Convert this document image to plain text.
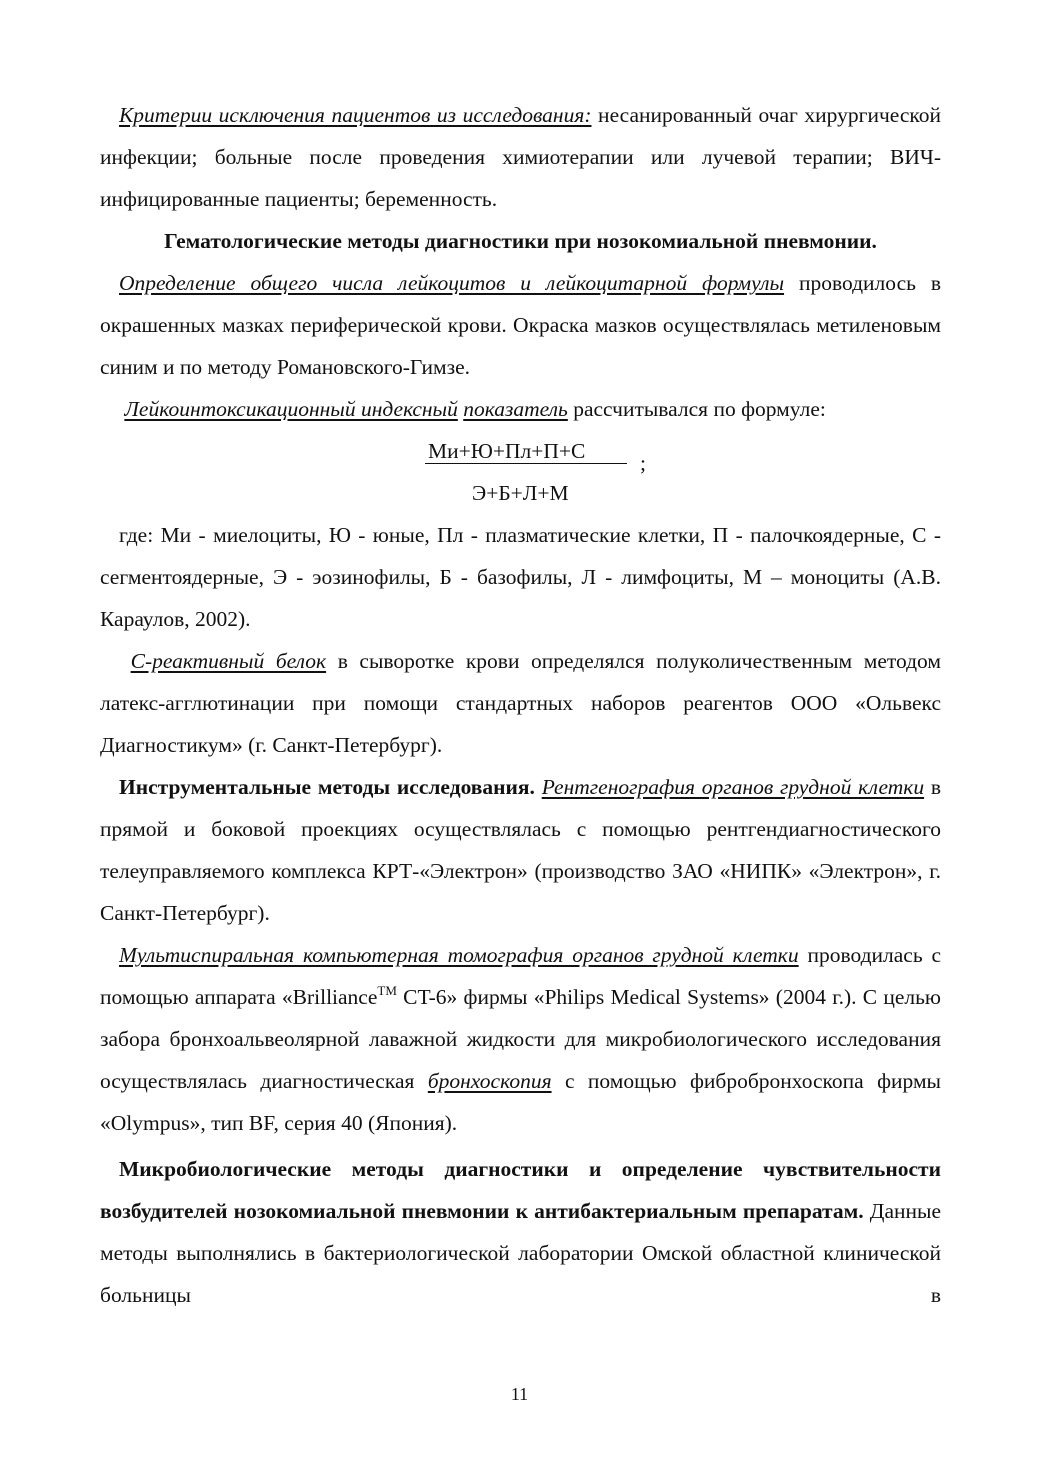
Критерии исключения пациентов из исследования: несанированный очаг хирургической инфекции; больные после проведения химиотерапии или лучевой терапии; ВИЧ-инфицированные пациенты; беременность.

Гематологические методы диагностики при нозокомиальной пневмонии.

Определение общего числа лейкоцитов и лейкоцитарной формулы проводилось в окрашенных мазках периферической крови. Окраска мазков осуществлялась метиленовым синим и по методу Романовского-Гимзе.

Лейкоинтоксикационный индексный показатель рассчитывался по формуле:

Ми+Ю+Пл+П+С	;
Э+Б+Л+М

где: Ми - миелоциты, Ю - юные, Пл - плазматические клетки, П - палочкоядерные, С - сегментоядерные, Э - эозинофилы, Б - базофилы, Л - лимфоциты, М – моноциты (А.В. Караулов, 2002).

С-реактивный белок в сыворотке крови определялся полуколичественным методом латекс-агглютинации при помощи стандартных наборов реагентов ООО «Ольвекс Диагностикум» (г. Санкт-Петербург).

Инструментальные методы исследования. Рентгенография органов грудной клетки в прямой и боковой проекциях осуществлялась с помощью рентгендиагностического телеуправляемого комплекса КРТ-«Электрон» (производство ЗАО «НИПК» «Электрон», г. Санкт-Петербург).

Мультиспиральная компьютерная томография органов грудной клетки проводилась с помощью аппарата «Brilliance™ CT-6» фирмы «Philips Medical Systems» (2004 г.). С целью забора бронхоальвеолярной лаважной жидкости для микробиологического исследования осуществлялась диагностическая бронхоскопия с помощью фибробронхоскопа фирмы «Olympus», тип BF, серия 40 (Япония).

Микробиологические методы диагностики и определение чувствительности возбудителей нозокомиальной пневмонии к антибактериальным препаратам. Данные методы выполнялись в бактериологической лаборатории Омской областной клинической больницы в

11
